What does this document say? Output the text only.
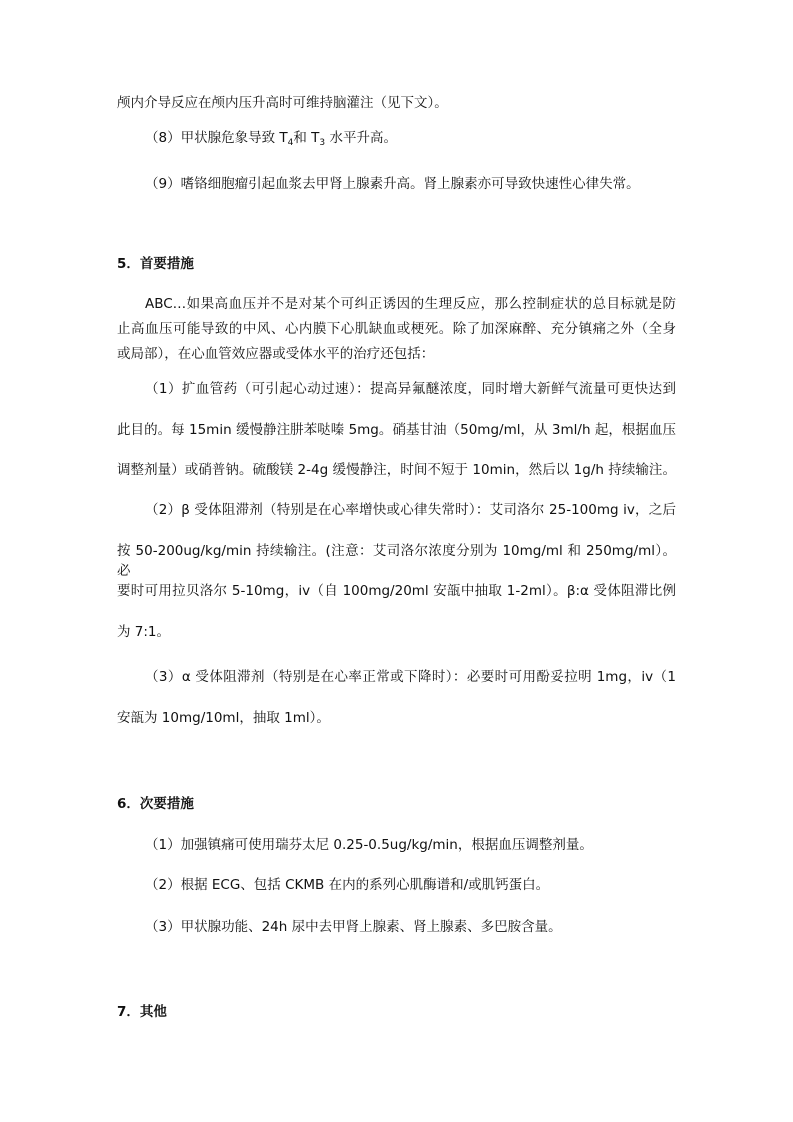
颅内介导反应在颅内压升高时可维持脑灌注（见下文）。
（8）甲状腺危象导致 $T_4$和 $T_3$ 水平升高。
（9）嗜铬细胞瘤引起血浆去甲肾上腺素升高。肾上腺素亦可导致快速性心律失常。
5．首要措施
ABC…如果高血压并不是对某个可纠正诱因的生理反应，那么控制症状的总目标就是防
止高血压可能导致的中风、心内膜下心肌缺血或梗死。除了加深麻醉、充分镇痛之外（全身
或局部），在心血管效应器或受体水平的治疗还包括：
（1）扩血管药（可引起心动过速）：提高异氟醚浓度，同时增大新鲜气流量可更快达到
此目的。每 15min 缓慢静注肼苯哒嗪 5mg。硝基甘油（50mg/ml，从 3ml/h 起，根据血压
调整剂量）或硝普钠。硫酸镁 2-4g 缓慢静注，时间不短于 10min，然后以 1g/h 持续输注。
（2）β 受体阻滞剂（特别是在心率增快或心律失常时）：艾司洛尔 25-100mg iv，之后
按 50-200ug/kg/min 持续输注。(注意：艾司洛尔浓度分别为 10mg/ml 和 250mg/ml）。必
要时可用拉贝洛尔 5-10mg，iv（自 100mg/20ml 安瓿中抽取 1-2ml）。β:α 受体阻滞比例
为 7:1。
（3）α 受体阻滞剂（特别是在心率正常或下降时）：必要时可用酚妥拉明 1mg，iv（1
安瓿为 10mg/10ml，抽取 1ml）。
6．次要措施
（1）加强镇痛可使用瑞芬太尼 0.25-0.5ug/kg/min，根据血压调整剂量。
（2）根据 ECG、包括 CKMB 在内的系列心肌酶谱和/或肌钙蛋白。
（3）甲状腺功能、24h 尿中去甲肾上腺素、肾上腺素、多巴胺含量。
7．其他
